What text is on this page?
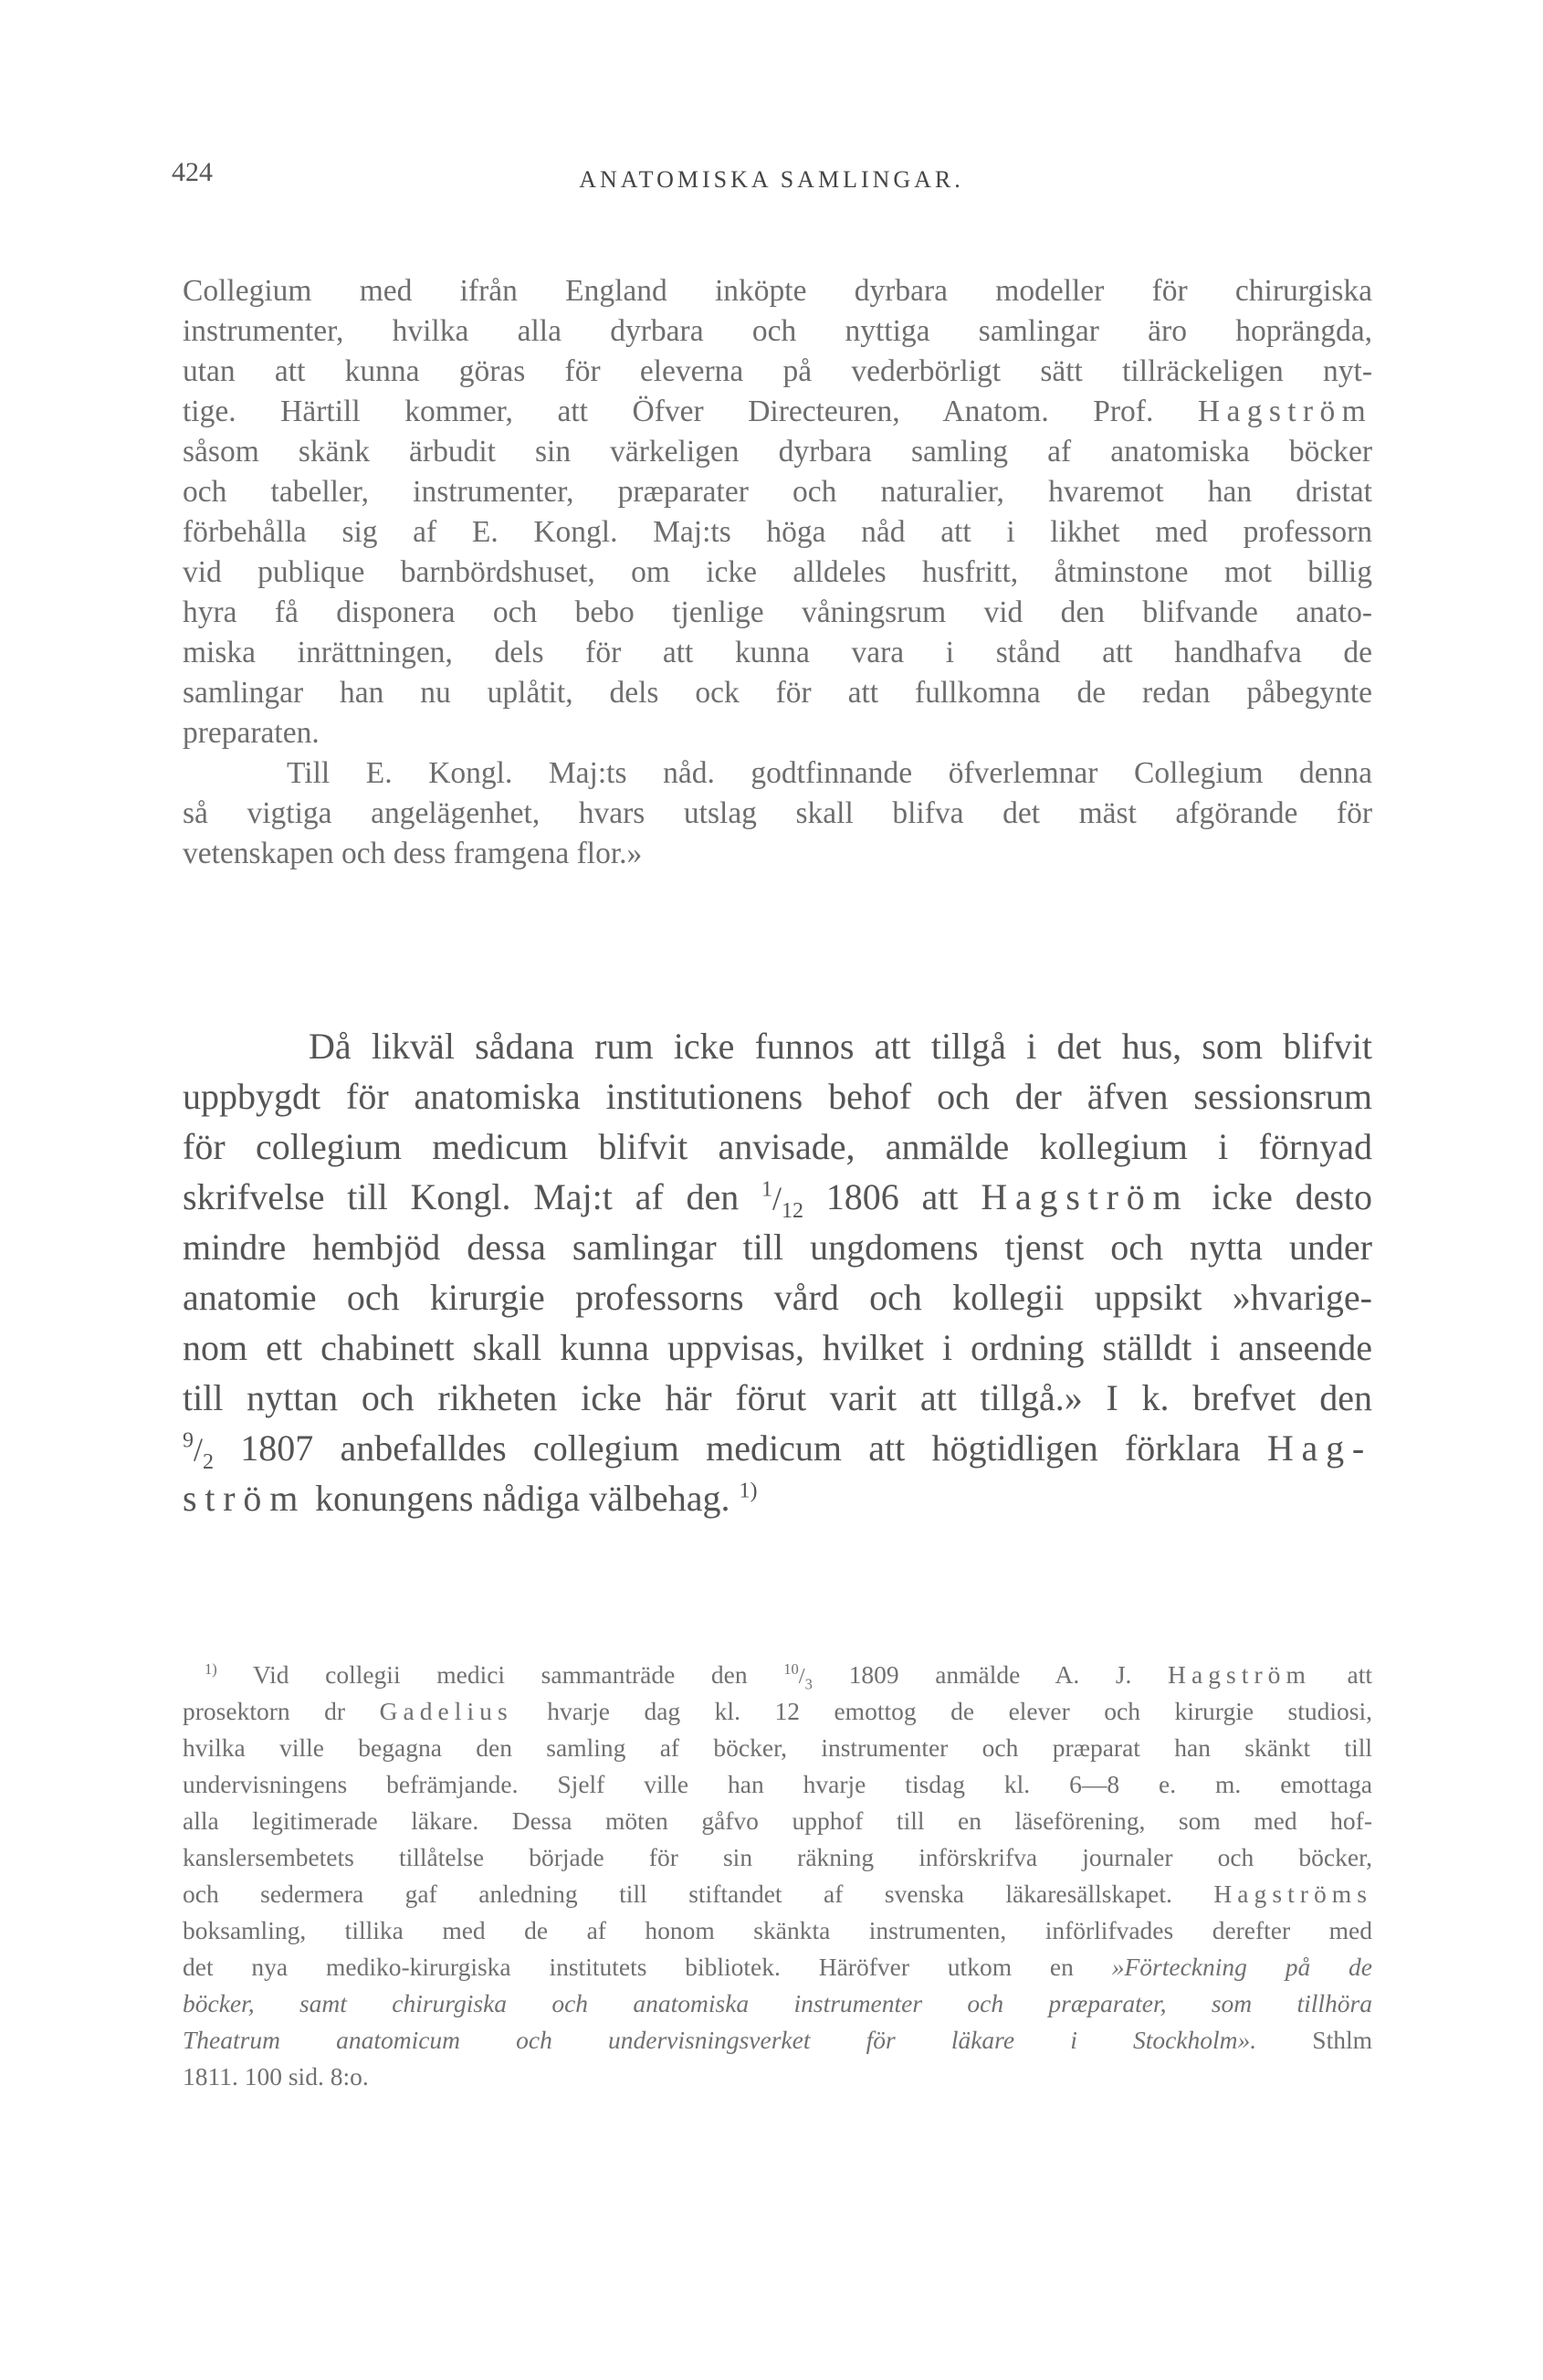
424	ANATOMISKA SAMLINGAR.
Collegium med ifrån England inköpte dyrbara modeller för chirurgiska
instrumenter, hvilka alla dyrbara och nyttiga samlingar äro hoprängda,
utan att kunna göras för eleverna på vederbörligt sätt tillräckeligen nyt-
tige. Härtill kommer, att Öfver Directeuren, Anatom. Prof. Hagström
såsom skänk ärbudit sin värkeligen dyrbara samling af anatomiska böcker
och tabeller, instrumenter, præparater och naturalier, hvaremot han dristat
förbehålla sig af E. Kongl. Maj:ts höga nåd att i likhet med professorn
vid publique barnbördshuset, om icke alldeles husfritt, åtminstone mot billig
hyra få disponera och bebo tjenlige våningsrum vid den blifvande anato-
miska inrättningen, dels för att kunna vara i stånd att handhafva de
samlingar han nu uplåtit, dels ock för att fullkomna de redan påbegynte
preparaten.
Till E. Kongl. Maj:ts nåd. godtfinnande öfverlemnar Collegium denna
så vigtiga angelägenhet, hvars utslag skall blifva det mäst afgörande för
vetenskapen och dess framgena flor.»
Då likväl sådana rum icke funnos att tillgå i det hus, som blifvit
uppbygdt för anatomiska institutionens behof och der äfven sessionsrum
för collegium medicum blifvit anvisade, anmälde kollegium i förnyad
skrifvelse till Kongl. Maj:t af den $^1/_{12}$ 1806 att Hagström icke desto
mindre hembjöd dessa samlingar till ungdomens tjenst och nytta under
anatomie och kirurgie professorns vård och kollegii uppsikt »hvarige-
nom ett chabinett skall kunna uppvisas, hvilket i ordning ställdt i anseende
till nyttan och rikheten icke här förut varit att tillgå.» I k. brefvet den
$^9/_2$ 1807 anbefalldes collegium medicum att högtidligen förklara Hag-
ström konungens nådiga välbehag. $^{1)}$
$^{1)}$ Vid collegii medici sammanträde den $^{10}/_3$ 1809 anmälde A. J. Hagström att
prosektorn dr Gadelius hvarje dag kl. 12 emottog de elever och kirurgie studiosi,
hvilka ville begagna den samling af böcker, instrumenter och præparat han skänkt till
undervisningens befrämjande. Sjelf ville han hvarje tisdag kl. 6—8 e. m. emottaga
alla legitimerade läkare. Dessa möten gåfvo upphof till en läseförening, som med hof-
kanslersembetets tillåtelse började för sin räkning införskrifva journaler och böcker,
och sedermera gaf anledning till stiftandet af svenska läkaresällskapet. Hagströms
boksamling, tillika med de af honom skänkta instrumenten, införlifvades derefter med
det nya mediko-kirurgiska institutets bibliotek. Häröfver utkom en »Förteckning på de
böcker, samt chirurgiska och anatomiska instrumenter och præparater, som tillhöra
Theatrum anatomicum och undervisningsverket för läkare i Stockholm». Sthlm
1811. 100 sid. 8:o.
